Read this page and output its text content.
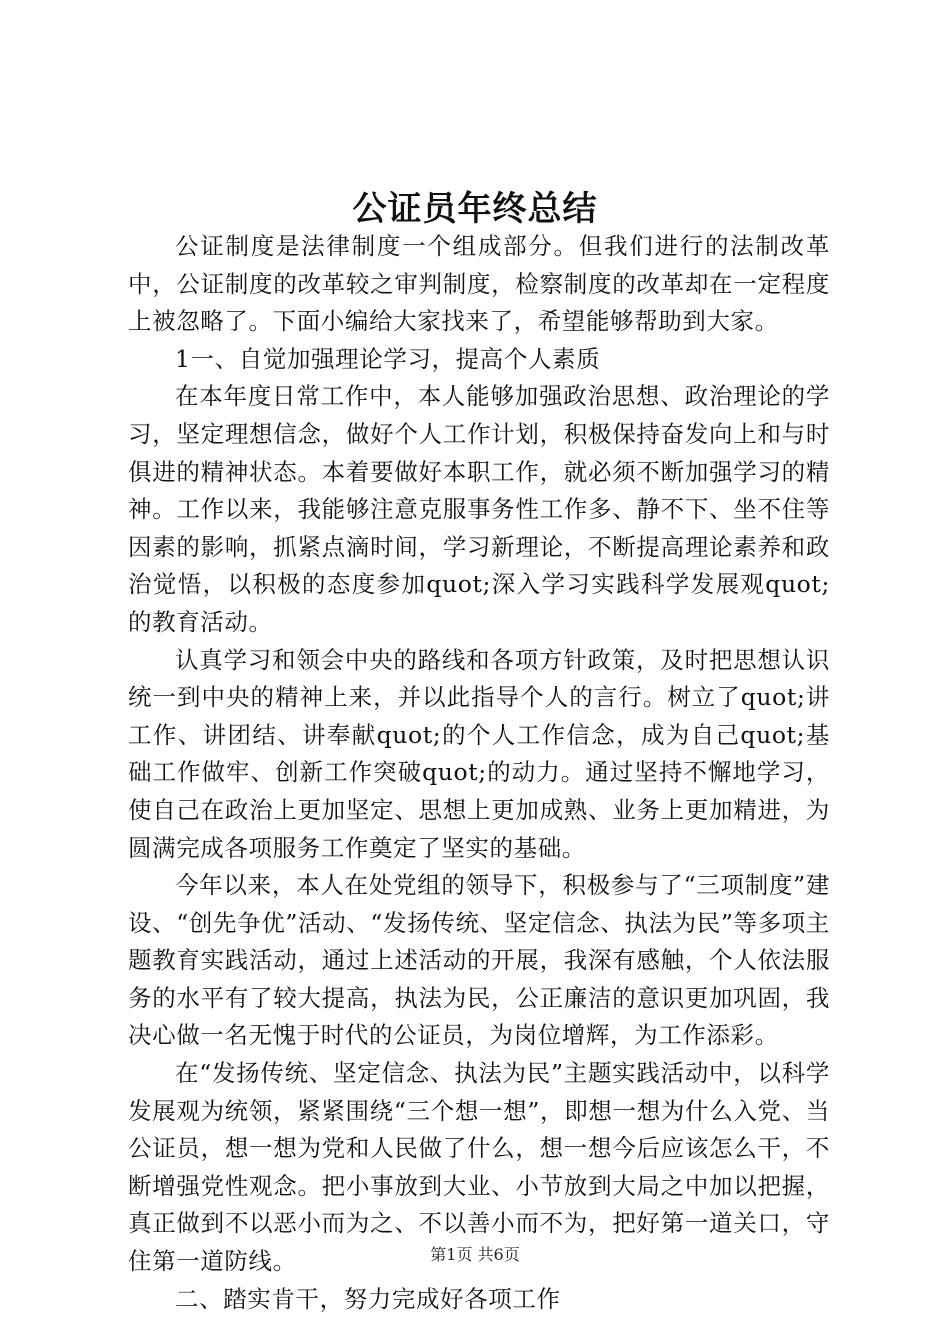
公证员年终总结

公证制度是法律制度一个组成部分。但我们进行的法制改革中，公证制度的改革较之审判制度，检察制度的改革却在一定程度上被忽略了。下面小编给大家找来了，希望能够帮助到大家。

1一、自觉加强理论学习，提高个人素质

在本年度日常工作中，本人能够加强政治思想、政治理论的学习，坚定理想信念，做好个人工作计划，积极保持奋发向上和与时俱进的精神状态。本着要做好本职工作，就必须不断加强学习的精神。工作以来，我能够注意克服事务性工作多、静不下、坐不住等因素的影响，抓紧点滴时间，学习新理论，不断提高理论素养和政治觉悟，以积极的态度参加quot;深入学习实践科学发展观quot;的教育活动。

认真学习和领会中央的路线和各项方针政策，及时把思想认识统一到中央的精神上来，并以此指导个人的言行。树立了quot;讲工作、讲团结、讲奉献quot;的个人工作信念，成为自己quot;基础工作做牢、创新工作突破quot;的动力。通过坚持不懈地学习，使自己在政治上更加坚定、思想上更加成熟、业务上更加精进，为圆满完成各项服务工作奠定了坚实的基础。

今年以来，本人在处党组的领导下，积极参与了“三项制度”建设、“创先争优”活动、“发扬传统、坚定信念、执法为民”等多项主题教育实践活动，通过上述活动的开展，我深有感触，个人依法服务的水平有了较大提高，执法为民，公正廉洁的意识更加巩固，我决心做一名无愧于时代的公证员，为岗位增辉，为工作添彩。

在“发扬传统、坚定信念、执法为民”主题实践活动中，以科学发展观为统领，紧紧围绕“三个想一想”，即想一想为什么入党、当公证员，想一想为党和人民做了什么，想一想今后应该怎么干，不断增强党性观念。把小事放到大业、小节放到大局之中加以把握，真正做到不以恶小而为之、不以善小而不为，把好第一道关口，守住第一道防线。

二、踏实肯干，努力完成好各项工作

第1页 共6页
